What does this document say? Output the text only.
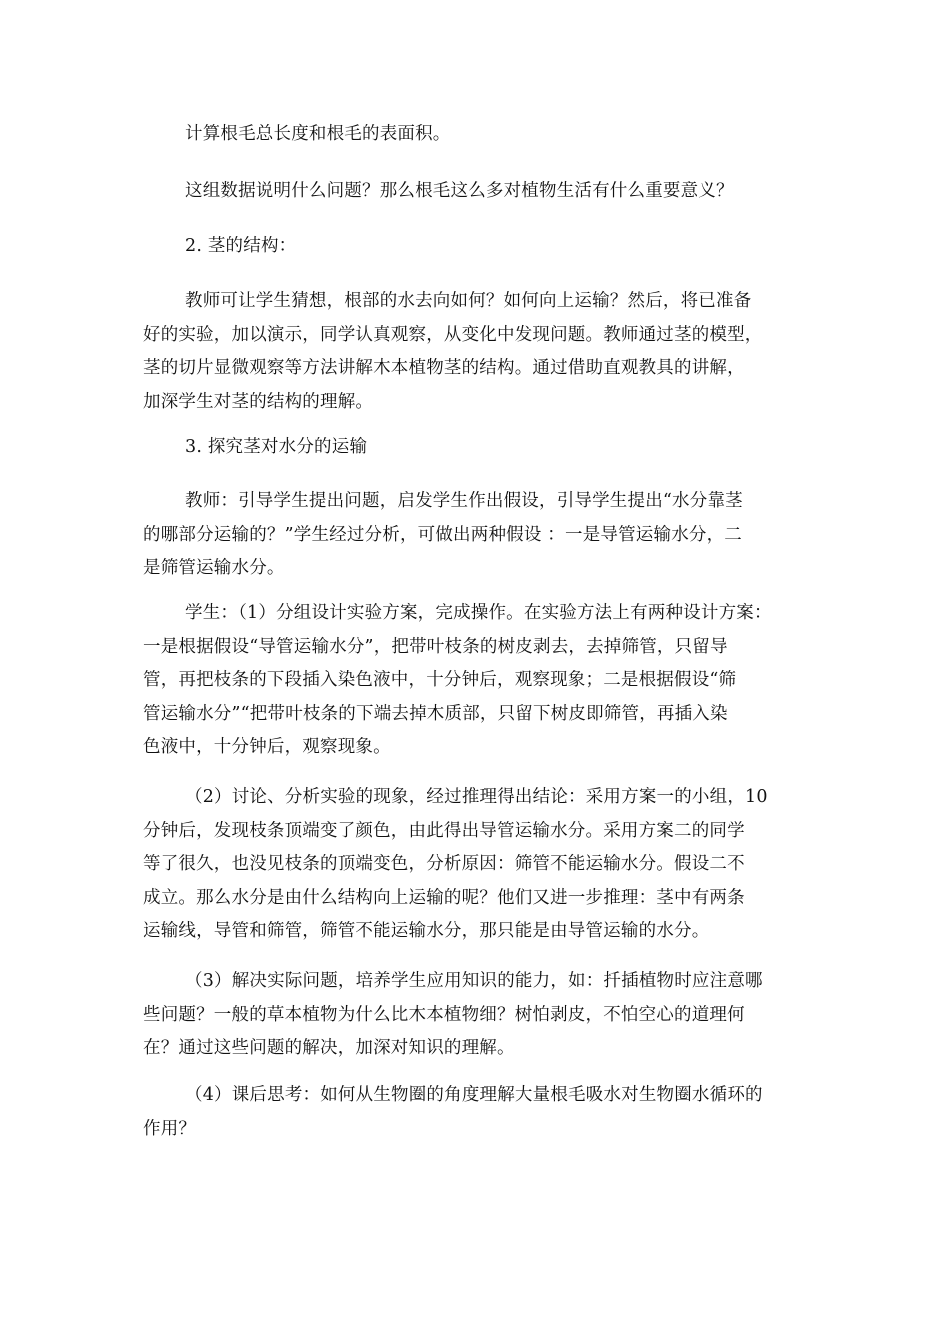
计算根毛总长度和根毛的表面积。

这组数据说明什么问题？那么根毛这么多对植物生活有什么重要意义？

2. 茎的结构：

教师可让学生猜想，根部的水去向如何？如何向上运输？然后，将已准备
好的实验，加以演示，同学认真观察，从变化中发现问题。教师通过茎的模型，
茎的切片显微观察等方法讲解木本植物茎的结构。通过借助直观教具的讲解，
加深学生对茎的结构的理解。

3. 探究茎对水分的运输

教师：引导学生提出问题，启发学生作出假设，引导学生提出“水分靠茎
的哪部分运输的？”学生经过分析，可做出两种假设 ：一是导管运输水分，二
是筛管运输水分。

学生：（1）分组设计实验方案，完成操作。在实验方法上有两种设计方案：
一是根据假设“导管运输水分”，把带叶枝条的树皮剥去，去掉筛管，只留导
管，再把枝条的下段插入染色液中，十分钟后，观察现象；二是根据假设“筛
管运输水分”“把带叶枝条的下端去掉木质部，只留下树皮即筛管，再插入染
色液中，十分钟后，观察现象。

（2）讨论、分析实验的现象，经过推理得出结论：采用方案一的小组，10
分钟后，发现枝条顶端变了颜色，由此得出导管运输水分。采用方案二的同学
等了很久，也没见枝条的顶端变色，分析原因：筛管不能运输水分。假设二不
成立。那么水分是由什么结构向上运输的呢？他们又进一步推理：茎中有两条
运输线，导管和筛管，筛管不能运输水分，那只能是由导管运输的水分。

（3）解决实际问题，培养学生应用知识的能力，如：扦插植物时应注意哪
些问题？一般的草本植物为什么比木本植物细？树怕剥皮，不怕空心的道理何
在？通过这些问题的解决，加深对知识的理解。

（4）课后思考：如何从生物圈的角度理解大量根毛吸水对生物圈水循环的
作用？
